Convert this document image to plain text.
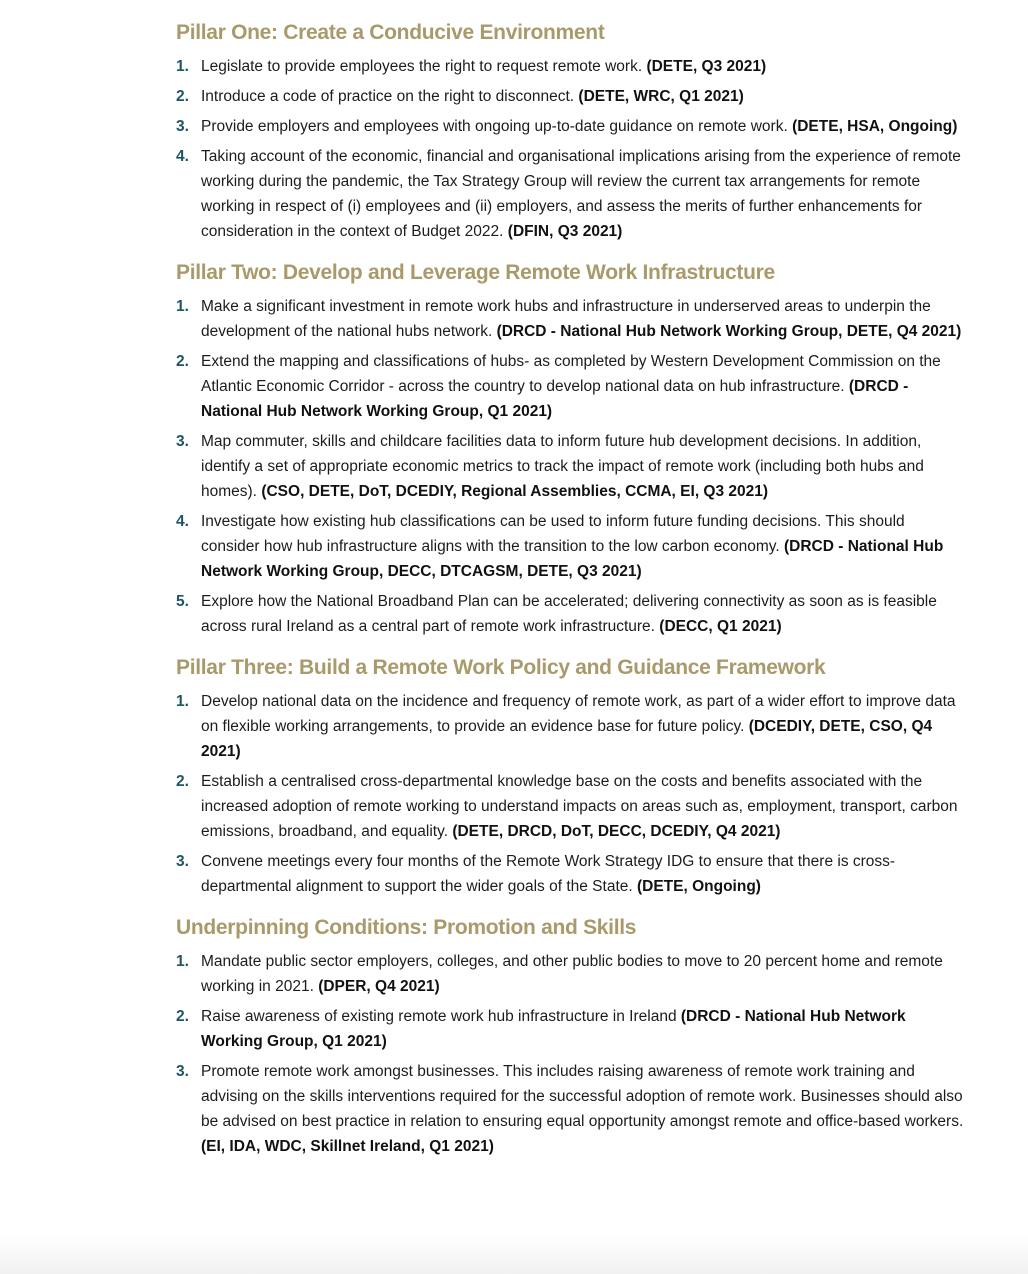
Pillar One: Create a Conducive Environment
1. Legislate to provide employees the right to request remote work. (DETE, Q3 2021)
2. Introduce a code of practice on the right to disconnect. (DETE, WRC, Q1 2021)
3. Provide employers and employees with ongoing up-to-date guidance on remote work. (DETE, HSA, Ongoing)
4. Taking account of the economic, financial and organisational implications arising from the experience of remote working during the pandemic, the Tax Strategy Group will review the current tax arrangements for remote working in respect of (i) employees and (ii) employers, and assess the merits of further enhancements for consideration in the context of Budget 2022. (DFIN, Q3 2021)
Pillar Two: Develop and Leverage Remote Work Infrastructure
1. Make a significant investment in remote work hubs and infrastructure in underserved areas to underpin the development of the national hubs network. (DRCD - National Hub Network Working Group, DETE, Q4 2021)
2. Extend the mapping and classifications of hubs- as completed by Western Development Commission on the Atlantic Economic Corridor - across the country to develop national data on hub infrastructure. (DRCD - National Hub Network Working Group, Q1 2021)
3. Map commuter, skills and childcare facilities data to inform future hub development decisions. In addition, identify a set of appropriate economic metrics to track the impact of remote work (including both hubs and homes). (CSO, DETE, DoT, DCEDIY, Regional Assemblies, CCMA, EI, Q3 2021)
4. Investigate how existing hub classifications can be used to inform future funding decisions. This should consider how hub infrastructure aligns with the transition to the low carbon economy. (DRCD - National Hub Network Working Group, DECC, DTCAGSM, DETE, Q3 2021)
5. Explore how the National Broadband Plan can be accelerated; delivering connectivity as soon as is feasible across rural Ireland as a central part of remote work infrastructure. (DECC, Q1 2021)
Pillar Three: Build a Remote Work Policy and Guidance Framework
1. Develop national data on the incidence and frequency of remote work, as part of a wider effort to improve data on flexible working arrangements, to provide an evidence base for future policy. (DCEDIY, DETE, CSO, Q4 2021)
2. Establish a centralised cross-departmental knowledge base on the costs and benefits associated with the increased adoption of remote working to understand impacts on areas such as, employment, transport, carbon emissions, broadband, and equality. (DETE, DRCD, DoT, DECC, DCEDIY, Q4 2021)
3. Convene meetings every four months of the Remote Work Strategy IDG to ensure that there is cross-departmental alignment to support the wider goals of the State. (DETE, Ongoing)
Underpinning Conditions: Promotion and Skills
1. Mandate public sector employers, colleges, and other public bodies to move to 20 percent home and remote working in 2021. (DPER, Q4 2021)
2. Raise awareness of existing remote work hub infrastructure in Ireland (DRCD - National Hub Network Working Group, Q1 2021)
3. Promote remote work amongst businesses. This includes raising awareness of remote work training and advising on the skills interventions required for the successful adoption of remote work. Businesses should also be advised on best practice in relation to ensuring equal opportunity amongst remote and office-based workers. (EI, IDA, WDC, Skillnet Ireland, Q1 2021)
